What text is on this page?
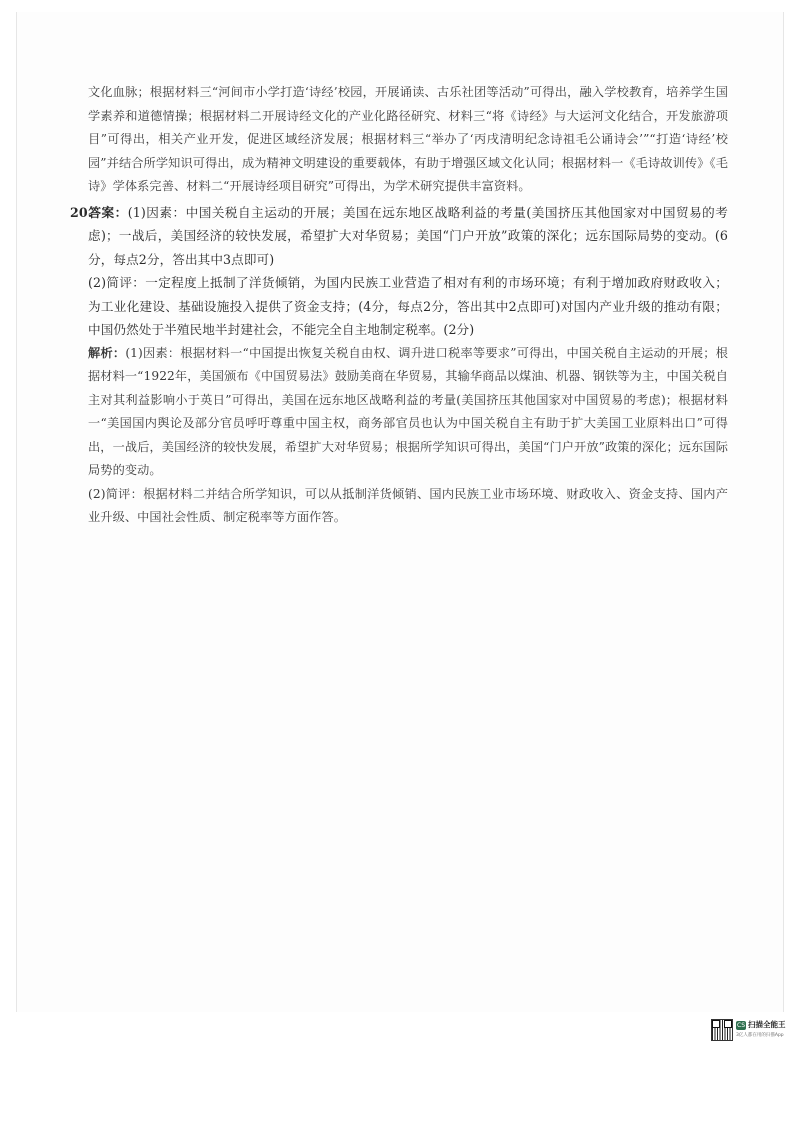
文化血脉；根据材料三“河间市小学打造‘诗经’校园，开展诵读、古乐社团等活动”可得出，融入学校教育，培养学生国学素养和道德情操；根据材料二开展诗经文化的产业化路径研究、材料三“将《诗经》与大运河文化结合，开发旅游项目”可得出，相关产业开发，促进区域经济发展；根据材料三“举办了‘丙戌清明纪念诗祖毛公诵诗会’”“打造‘诗经’校园”并结合所学知识可得出，成为精神文明建设的重要载体，有助于增强区域文化认同；根据材料一《毛诗故训传》《毛诗》学体系完善、材料二“开展诗经项目研究”可得出，为学术研究提供丰富资料。

20.答案：(1)因素：中国关税自主运动的开展；美国在远东地区战略利益的考量(美国挤压其他国家对中国贸易的考虑)；一战后，美国经济的较快发展，希望扩大对华贸易；美国“门户开放”政策的深化；远东国际局势的变动。(6分，每点2分，答出其中3点即可)

(2)简评：一定程度上抵制了洋货倾销，为国内民族工业营造了相对有利的市场环境；有利于增加政府财政收入；为工业化建设、基础设施投入提供了资金支持；(4分，每点2分，答出其中2点即可)对国内产业升级的推动有限；中国仍然处于半殖民地半封建社会，不能完全自主地制定税率。(2分)

解析：(1)因素：根据材料一“中国提出恢复关税自由权、调升进口税率等要求”可得出，中国关税自主运动的开展；根据材料一“1922年，美国颁布《中国贸易法》鼓励美商在华贸易，其输华商品以煤油、机器、钢铁等为主，中国关税自主对其利益影响小于英日”可得出，美国在远东地区战略利益的考量(美国挤压其他国家对中国贸易的考虑)；根据材料一“美国国内舆论及部分官员呼吁尊重中国主权，商务部官员也认为中国关税自主有助于扩大美国工业原料出口”可得出，一战后，美国经济的较快发展，希望扩大对华贸易；根据所学知识可得出，美国“门户开放”政策的深化；远东国际局势的变动。

(2)简评：根据材料二并结合所学知识，可以从抵制洋货倾销、国内民族工业市场环境、财政收入、资金支持、国内产业升级、中国社会性质、制定税率等方面作答。

CS 扫描全能王
3亿人都在用的扫描App
